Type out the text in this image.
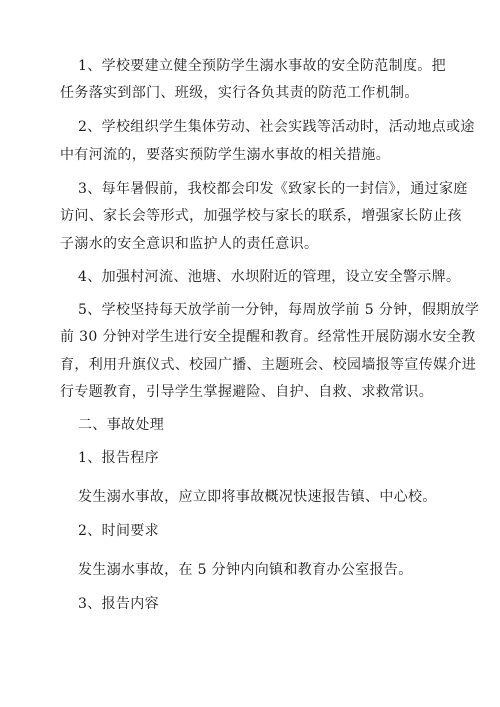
1、学校要建立健全预防学生溺水事故的安全防范制度。把
任务落实到部门、班级，实行各负其责的防范工作机制。
2、学校组织学生集体劳动、社会实践等活动时，活动地点或途
中有河流的，要落实预防学生溺水事故的相关措施。
3、每年暑假前，我校都会印发《致家长的一封信》，通过家庭
访问、家长会等形式，加强学校与家长的联系，增强家长防止孩
子溺水的安全意识和监护人的责任意识。
4、加强村河流、池塘、水坝附近的管理，设立安全警示牌。
5、学校坚持每天放学前一分钟，每周放学前 5 分钟，假期放学
前 30 分钟对学生进行安全提醒和教育。经常性开展防溺水安全教
育，利用升旗仪式、校园广播、主题班会、校园墙报等宣传媒介进
行专题教育，引导学生掌握避险、自护、自救、求救常识。
二、事故处理
1、报告程序
发生溺水事故，应立即将事故概况快速报告镇、中心校。
2、时间要求
发生溺水事故，在 5 分钟内向镇和教育办公室报告。
3、报告内容
